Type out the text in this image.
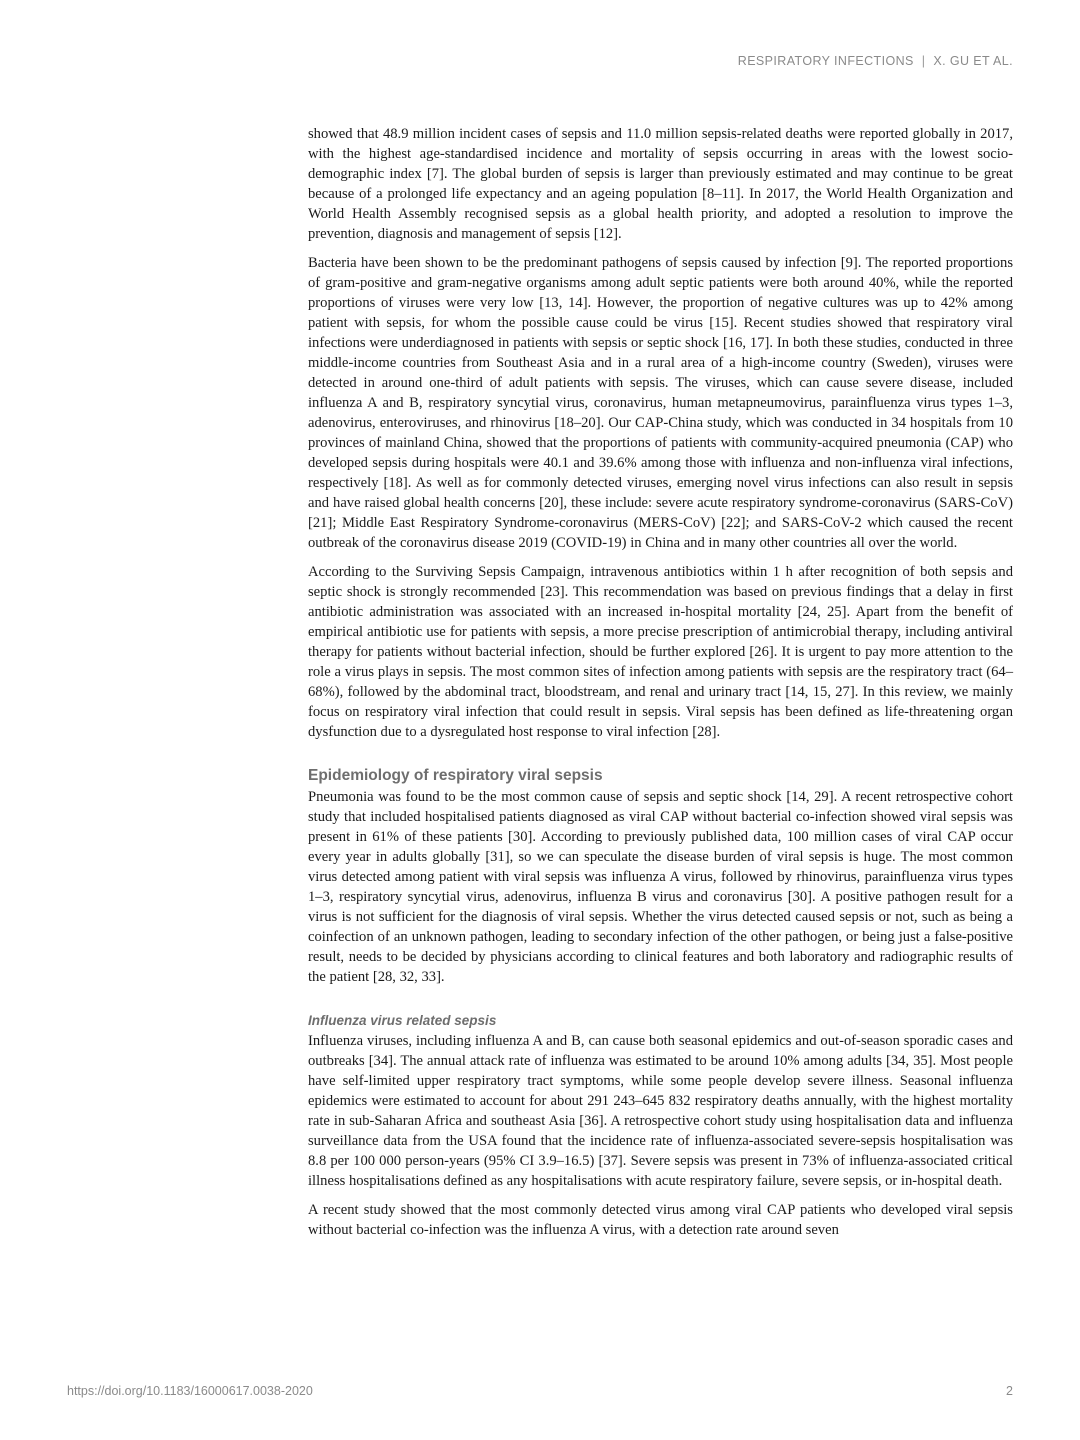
RESPIRATORY INFECTIONS | X. GU ET AL.

showed that 48.9 million incident cases of sepsis and 11.0 million sepsis-related deaths were reported globally in 2017, with the highest age-standardised incidence and mortality of sepsis occurring in areas with the lowest socio-demographic index [7]. The global burden of sepsis is larger than previously estimated and may continue to be great because of a prolonged life expectancy and an ageing population [8–11]. In 2017, the World Health Organization and World Health Assembly recognised sepsis as a global health priority, and adopted a resolution to improve the prevention, diagnosis and management of sepsis [12].

Bacteria have been shown to be the predominant pathogens of sepsis caused by infection [9]. The reported proportions of gram-positive and gram-negative organisms among adult septic patients were both around 40%, while the reported proportions of viruses were very low [13, 14]. However, the proportion of negative cultures was up to 42% among patient with sepsis, for whom the possible cause could be virus [15]. Recent studies showed that respiratory viral infections were underdiagnosed in patients with sepsis or septic shock [16, 17]. In both these studies, conducted in three middle-income countries from Southeast Asia and in a rural area of a high-income country (Sweden), viruses were detected in around one-third of adult patients with sepsis. The viruses, which can cause severe disease, included influenza A and B, respiratory syncytial virus, coronavirus, human metapneumovirus, parainfluenza virus types 1–3, adenovirus, enteroviruses, and rhinovirus [18–20]. Our CAP-China study, which was conducted in 34 hospitals from 10 provinces of mainland China, showed that the proportions of patients with community-acquired pneumonia (CAP) who developed sepsis during hospitals were 40.1 and 39.6% among those with influenza and non-influenza viral infections, respectively [18]. As well as for commonly detected viruses, emerging novel virus infections can also result in sepsis and have raised global health concerns [20], these include: severe acute respiratory syndrome-coronavirus (SARS-CoV) [21]; Middle East Respiratory Syndrome-coronavirus (MERS-CoV) [22]; and SARS-CoV-2 which caused the recent outbreak of the coronavirus disease 2019 (COVID-19) in China and in many other countries all over the world.

According to the Surviving Sepsis Campaign, intravenous antibiotics within 1 h after recognition of both sepsis and septic shock is strongly recommended [23]. This recommendation was based on previous findings that a delay in first antibiotic administration was associated with an increased in-hospital mortality [24, 25]. Apart from the benefit of empirical antibiotic use for patients with sepsis, a more precise prescription of antimicrobial therapy, including antiviral therapy for patients without bacterial infection, should be further explored [26]. It is urgent to pay more attention to the role a virus plays in sepsis. The most common sites of infection among patients with sepsis are the respiratory tract (64–68%), followed by the abdominal tract, bloodstream, and renal and urinary tract [14, 15, 27]. In this review, we mainly focus on respiratory viral infection that could result in sepsis. Viral sepsis has been defined as life-threatening organ dysfunction due to a dysregulated host response to viral infection [28].

Epidemiology of respiratory viral sepsis

Pneumonia was found to be the most common cause of sepsis and septic shock [14, 29]. A recent retrospective cohort study that included hospitalised patients diagnosed as viral CAP without bacterial co-infection showed viral sepsis was present in 61% of these patients [30]. According to previously published data, 100 million cases of viral CAP occur every year in adults globally [31], so we can speculate the disease burden of viral sepsis is huge. The most common virus detected among patient with viral sepsis was influenza A virus, followed by rhinovirus, parainfluenza virus types 1–3, respiratory syncytial virus, adenovirus, influenza B virus and coronavirus [30]. A positive pathogen result for a virus is not sufficient for the diagnosis of viral sepsis. Whether the virus detected caused sepsis or not, such as being a coinfection of an unknown pathogen, leading to secondary infection of the other pathogen, or being just a false-positive result, needs to be decided by physicians according to clinical features and both laboratory and radiographic results of the patient [28, 32, 33].

Influenza virus related sepsis

Influenza viruses, including influenza A and B, can cause both seasonal epidemics and out-of-season sporadic cases and outbreaks [34]. The annual attack rate of influenza was estimated to be around 10% among adults [34, 35]. Most people have self-limited upper respiratory tract symptoms, while some people develop severe illness. Seasonal influenza epidemics were estimated to account for about 291 243–645 832 respiratory deaths annually, with the highest mortality rate in sub-Saharan Africa and southeast Asia [36]. A retrospective cohort study using hospitalisation data and influenza surveillance data from the USA found that the incidence rate of influenza-associated severe-sepsis hospitalisation was 8.8 per 100 000 person-years (95% CI 3.9–16.5) [37]. Severe sepsis was present in 73% of influenza-associated critical illness hospitalisations defined as any hospitalisations with acute respiratory failure, severe sepsis, or in-hospital death.

A recent study showed that the most commonly detected virus among viral CAP patients who developed viral sepsis without bacterial co-infection was the influenza A virus, with a detection rate around seven

https://doi.org/10.1183/16000617.0038-2020	2
